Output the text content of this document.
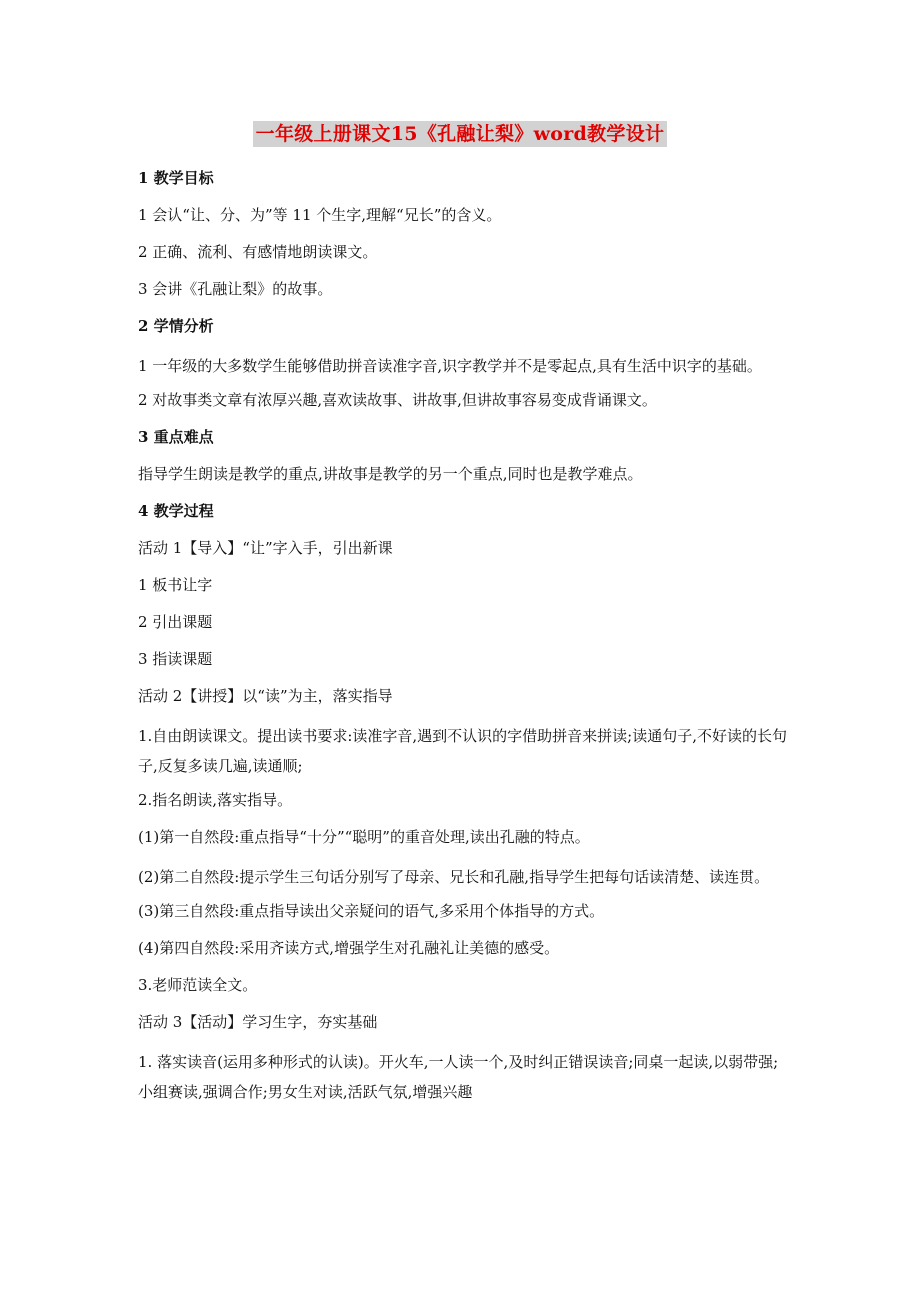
一年级上册课文15《孔融让梨》word教学设计

1 教学目标

1 会认“让、分、为”等 11 个生字,理解“兄长”的含义。

2 正确、流利、有感情地朗读课文。

3 会讲《孔融让梨》的故事。

2 学情分析

1 一年级的大多数学生能够借助拼音读准字音,识字教学并不是零起点,具有生活中识字的基础。

2 对故事类文章有浓厚兴趣,喜欢读故事、讲故事,但讲故事容易变成背诵课文。

3 重点难点

指导学生朗读是教学的重点,讲故事是教学的另一个重点,同时也是教学难点。

4 教学过程

活动 1【导入】“让”字入手，引出新课

1 板书让字

2 引出课题

3 指读课题

活动 2【讲授】以“读”为主，落实指导

1.自由朗读课文。提出读书要求:读准字音,遇到不认识的字借助拼音来拼读;读通句子,不好读的长句子,反复多读几遍,读通顺;

2.指名朗读,落实指导。

(1)第一自然段:重点指导“十分”“聪明”的重音处理,读出孔融的特点。

(2)第二自然段:提示学生三句话分别写了母亲、兄长和孔融,指导学生把每句话读清楚、读连贯。

(3)第三自然段:重点指导读出父亲疑问的语气,多采用个体指导的方式。

(4)第四自然段:采用齐读方式,增强学生对孔融礼让美德的感受。

3.老师范读全文。

活动 3【活动】学习生字，夯实基础

1. 落实读音(运用多种形式的认读)。开火车,一人读一个,及时纠正错误读音;同桌一起读,以弱带强;小组赛读,强调合作;男女生对读,活跃气氛,增强兴趣
